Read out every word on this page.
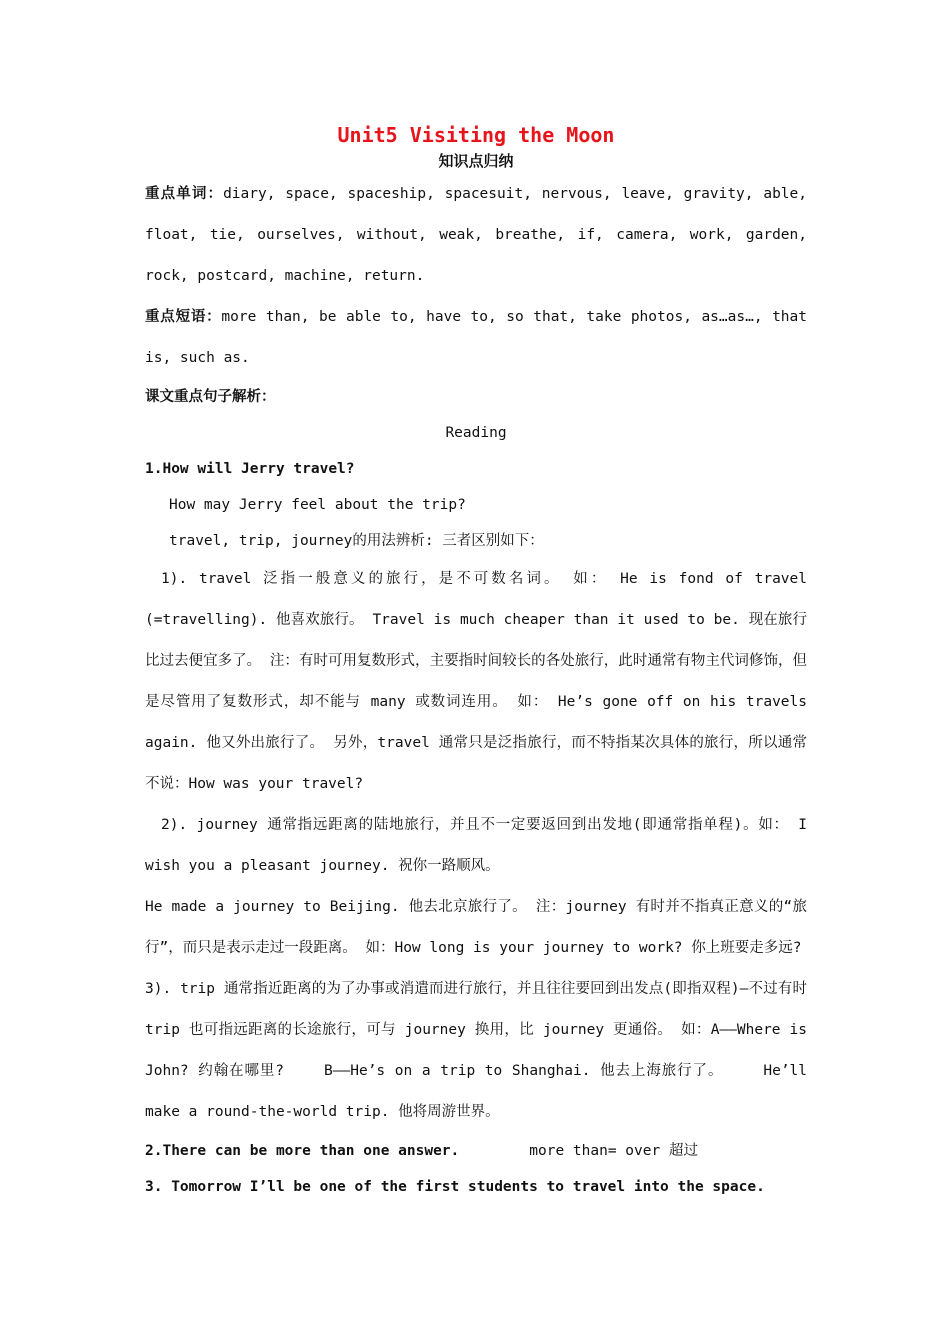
Unit5 Visiting the Moon
知识点归纳

重点单词：diary, space, spaceship, spacesuit, nervous, leave, gravity, able, float, tie, ourselves, without, weak, breathe, if, camera, work, garden, rock, postcard, machine, return.

重点短语：more than, be able to, have to, so that, take photos, as…as…, that is, such as.

课文重点句子解析：

Reading

1.How will Jerry travel?

How may Jerry feel about the trip?

travel, trip, journey的用法辨析: 三者区别如下：

1). travel 泛指一般意义的旅行，是不可数名词。 如： He is fond of travel (=travelling). 他喜欢旅行。 Travel is much cheaper than it used to be. 现在旅行比过去便宜多了。 注：有时可用复数形式，主要指时间较长的各处旅行，此时通常有物主代词修饰，但是尽管用了复数形式，却不能与 many 或数词连用。 如： He’s gone off on his travels again. 他又外出旅行了。 另外，travel 通常只是泛指旅行，而不特指某次具体的旅行，所以通常不说：How was your travel?

2). journey 通常指远距离的陆地旅行，并且不一定要返回到出发地(即通常指单程)。如： I wish you a pleasant journey. 祝你一路顺风。

He made a journey to Beijing. 他去北京旅行了。 注：journey 有时并不指真正意义的“旅行”，而只是表示走过一段距离。 如：How long is your journey to work? 你上班要走多远?

3). trip 通常指近距离的为了办事或消遣而进行旅行，并且往往要回到出发点(即指双程)—不过有时 trip 也可指远距离的长途旅行，可与 journey 换用，比 journey 更通俗。 如：A——Where is John? 约翰在哪里?	B——He’s on a trip to Shanghai. 他去上海旅行了。	He’ll make a round-the-world trip. 他将周游世界。

2.There can be more than one answer.	more than= over 超过

3. Tomorrow I’ll be one of the first students to travel into the space.
